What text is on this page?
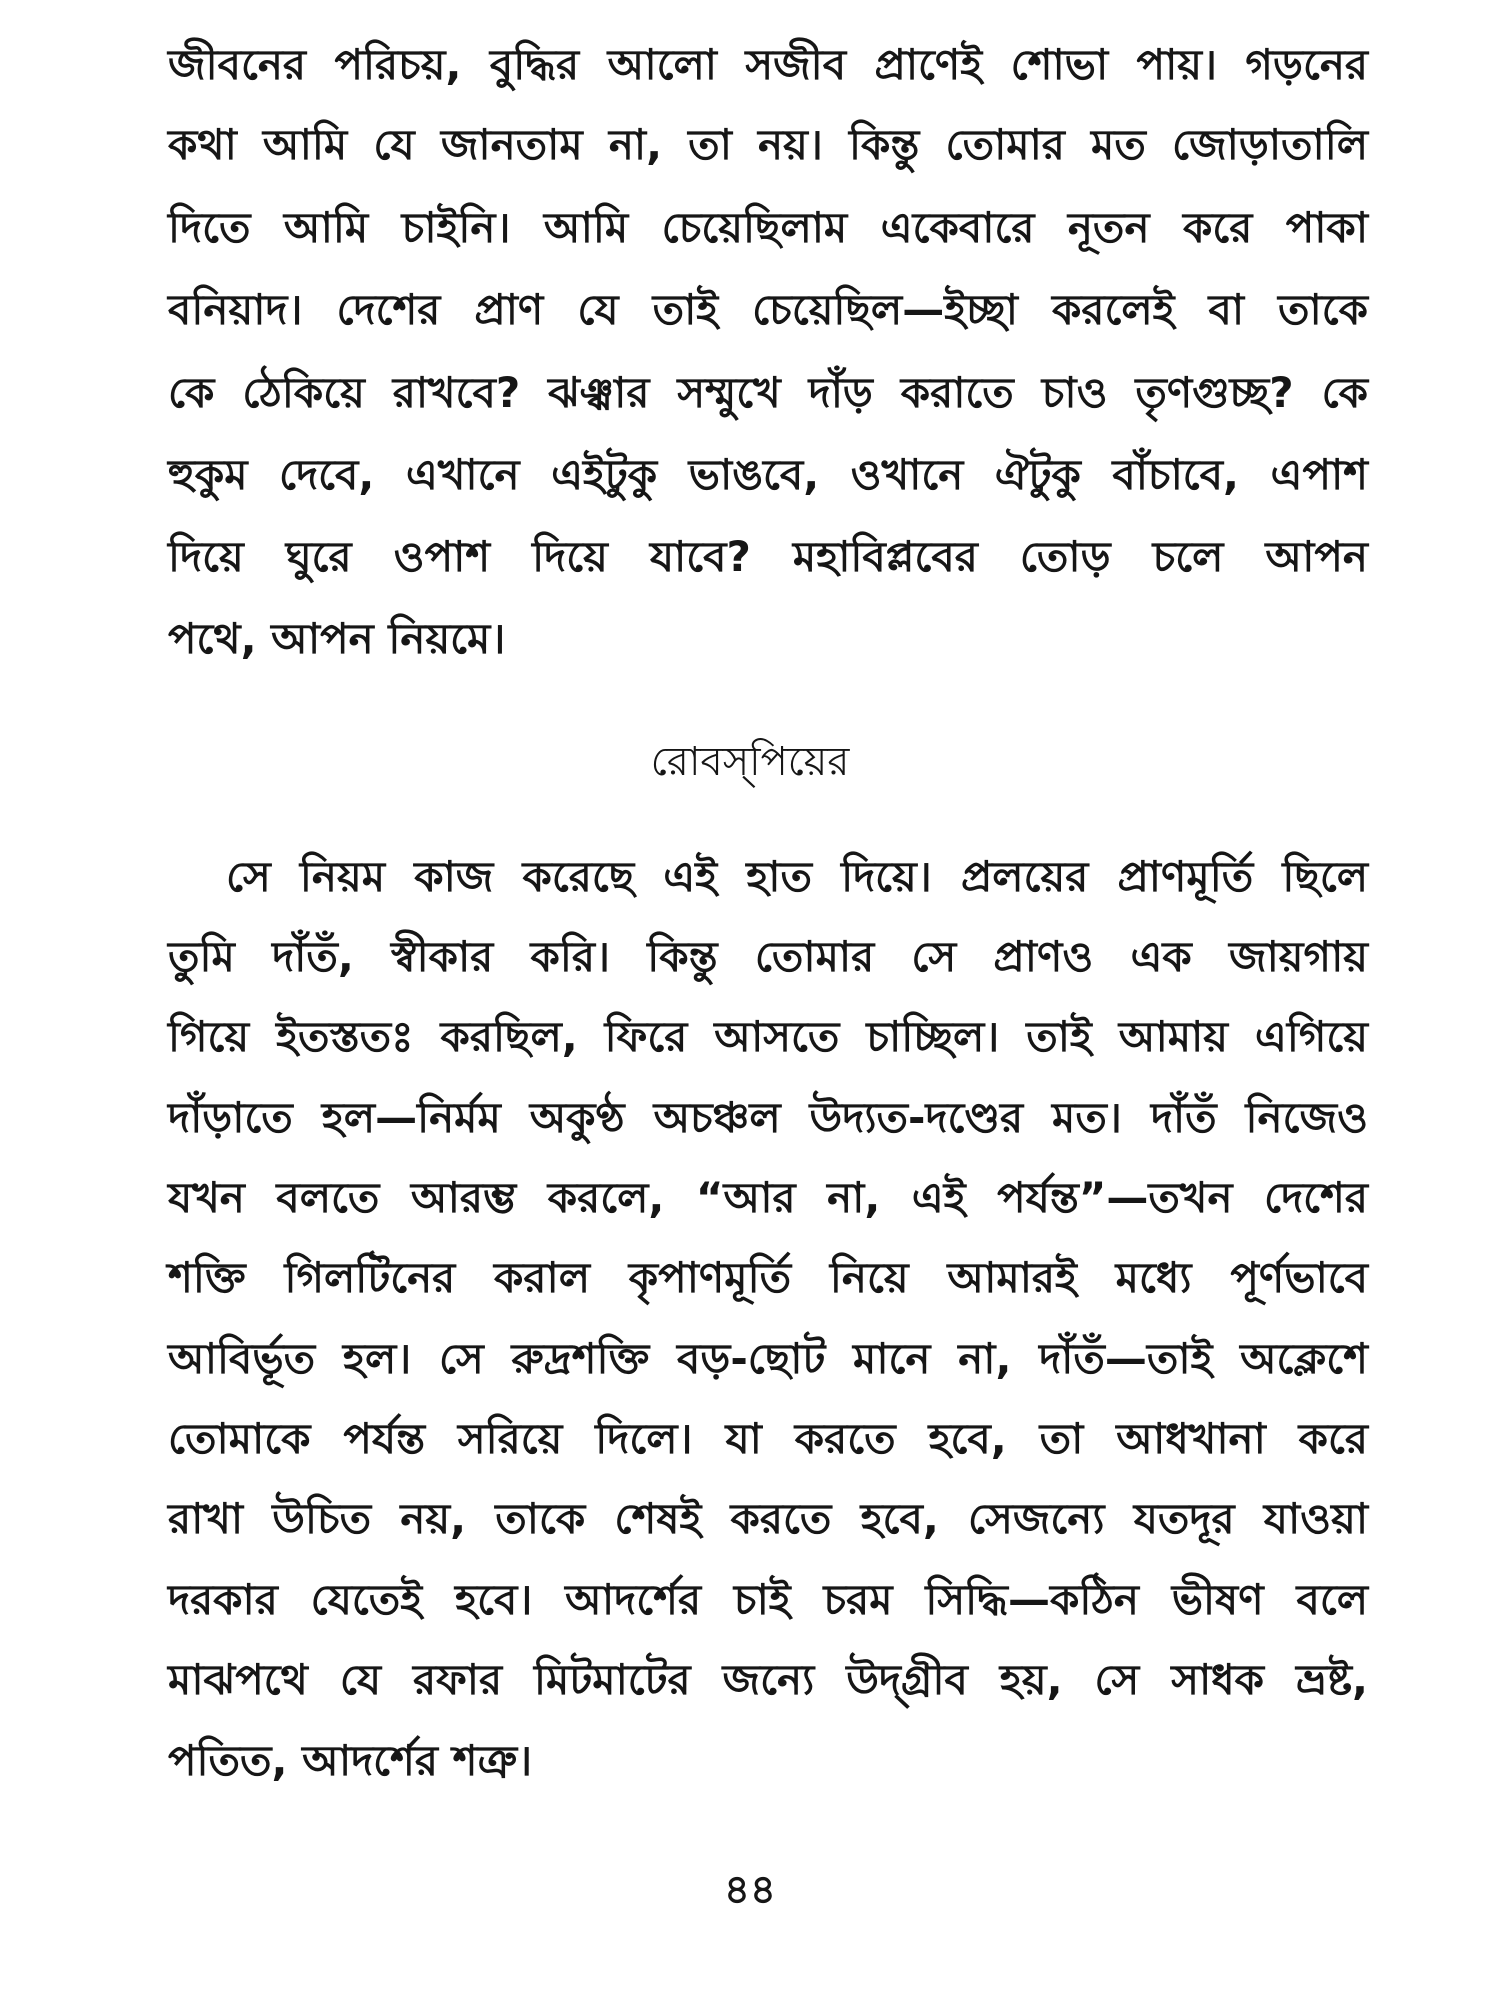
জীবনের পরিচয়, বুদ্ধির আলো সজীব প্রাণেই শোভা পায়। গড়নের
কথা আমি যে জানতাম না, তা নয়। কিন্তু তোমার মত জোড়াতালি
দিতে আমি চাইনি। আমি চেয়েছিলাম একেবারে নূতন করে পাকা
বনিয়াদ। দেশের প্রাণ যে তাই চেয়েছিল—ইচ্ছা করলেই বা তাকে
কে ঠেকিয়ে রাখবে? ঝঞ্ঝার সম্মুখে দাঁড় করাতে চাও তৃণগুচ্ছ? কে
হুকুম দেবে, এখানে এইটুকু ভাঙবে, ওখানে ঐটুকু বাঁচাবে, এপাশ
দিয়ে ঘুরে ওপাশ দিয়ে যাবে? মহাবিপ্লবের তোড় চলে আপন
পথে, আপন নিয়মে।
রোবস্‌পিয়ের
সে নিয়ম কাজ করেছে এই হাত দিয়ে। প্রলয়ের প্রাণমূর্তি ছিলে
তুমি দাঁতঁ, স্বীকার করি। কিন্তু তোমার সে প্রাণও এক জায়গায়
গিয়ে ইতস্ততঃ করছিল, ফিরে আসতে চাচ্ছিল। তাই আমায় এগিয়ে
দাঁড়াতে হল—নির্মম অকুণ্ঠ অচঞ্চল উদ্যত-দণ্ডের মত। দাঁতঁ নিজেও
যখন বলতে আরম্ভ করলে, “আর না, এই পর্যন্ত”—তখন দেশের
শক্তি গিলটিনের করাল কৃপাণমূর্তি নিয়ে আমারই মধ্যে পূর্ণভাবে
আবির্ভূত হল। সে রুদ্রশক্তি বড়-ছোট মানে না, দাঁতঁ—তাই অক্লেশে
তোমাকে পর্যন্ত সরিয়ে দিলে। যা করতে হবে, তা আধখানা করে
রাখা উচিত নয়, তাকে শেষই করতে হবে, সেজন্যে যতদূর যাওয়া
দরকার যেতেই হবে। আদর্শের চাই চরম সিদ্ধি—কঠিন ভীষণ বলে
মাঝপথে যে রফার মিটমাটের জন্যে উদ্‌গ্রীব হয়, সে সাধক ভ্রষ্ট,
পতিত, আদর্শের শত্রু।
৪৪
